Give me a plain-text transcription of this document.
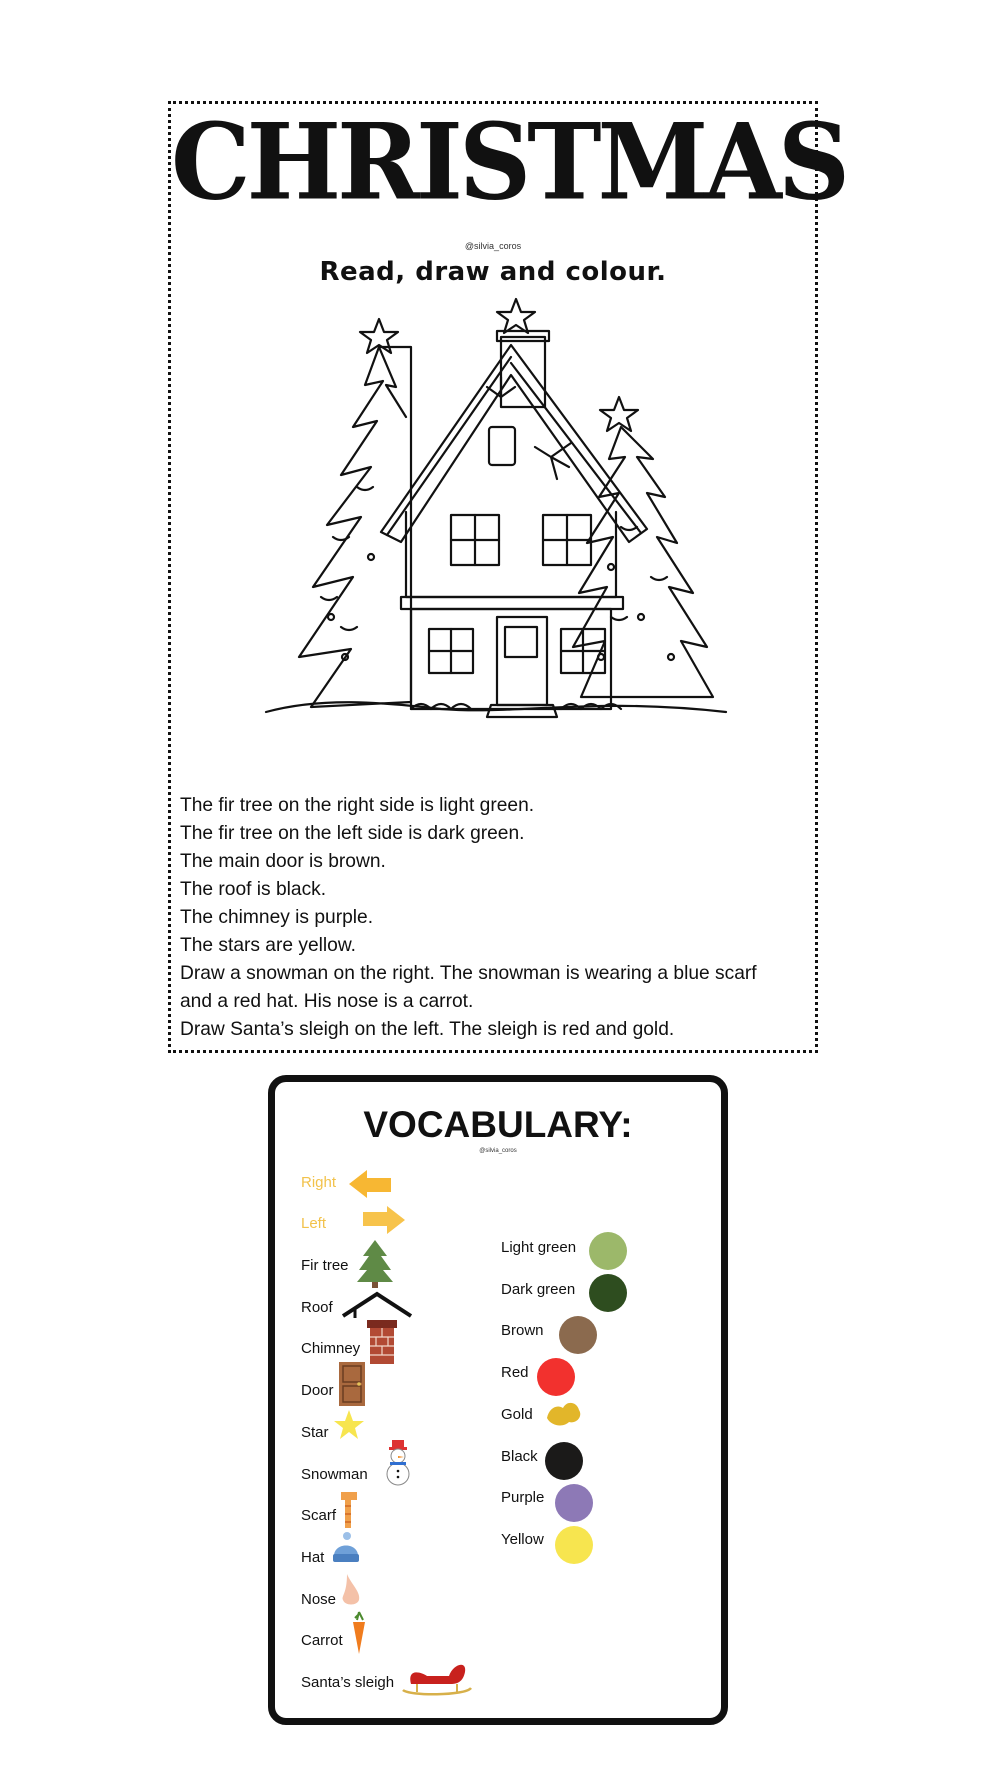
CHRISTMAS
@silvia_coros
Read, draw and colour.
The fir tree on the right side is light green.
The fir tree on the left side is dark green.
The main door is brown.
The roof is black.
The chimney is purple.
The stars are yellow.
Draw a snowman on the right. The snowman is wearing a blue scarf
and a red hat. His nose is a carrot.
Draw Santa’s sleigh on the left. The sleigh is red and gold.
VOCABULARY:
@silvia_coros
Right
Left
Fir tree
Roof
Chimney
Door
Star
Snowman
Scarf
Hat
Nose
Carrot
Santa’s sleigh
Light green
Dark green
Brown
Red
Gold
Black
Purple
Yellow
